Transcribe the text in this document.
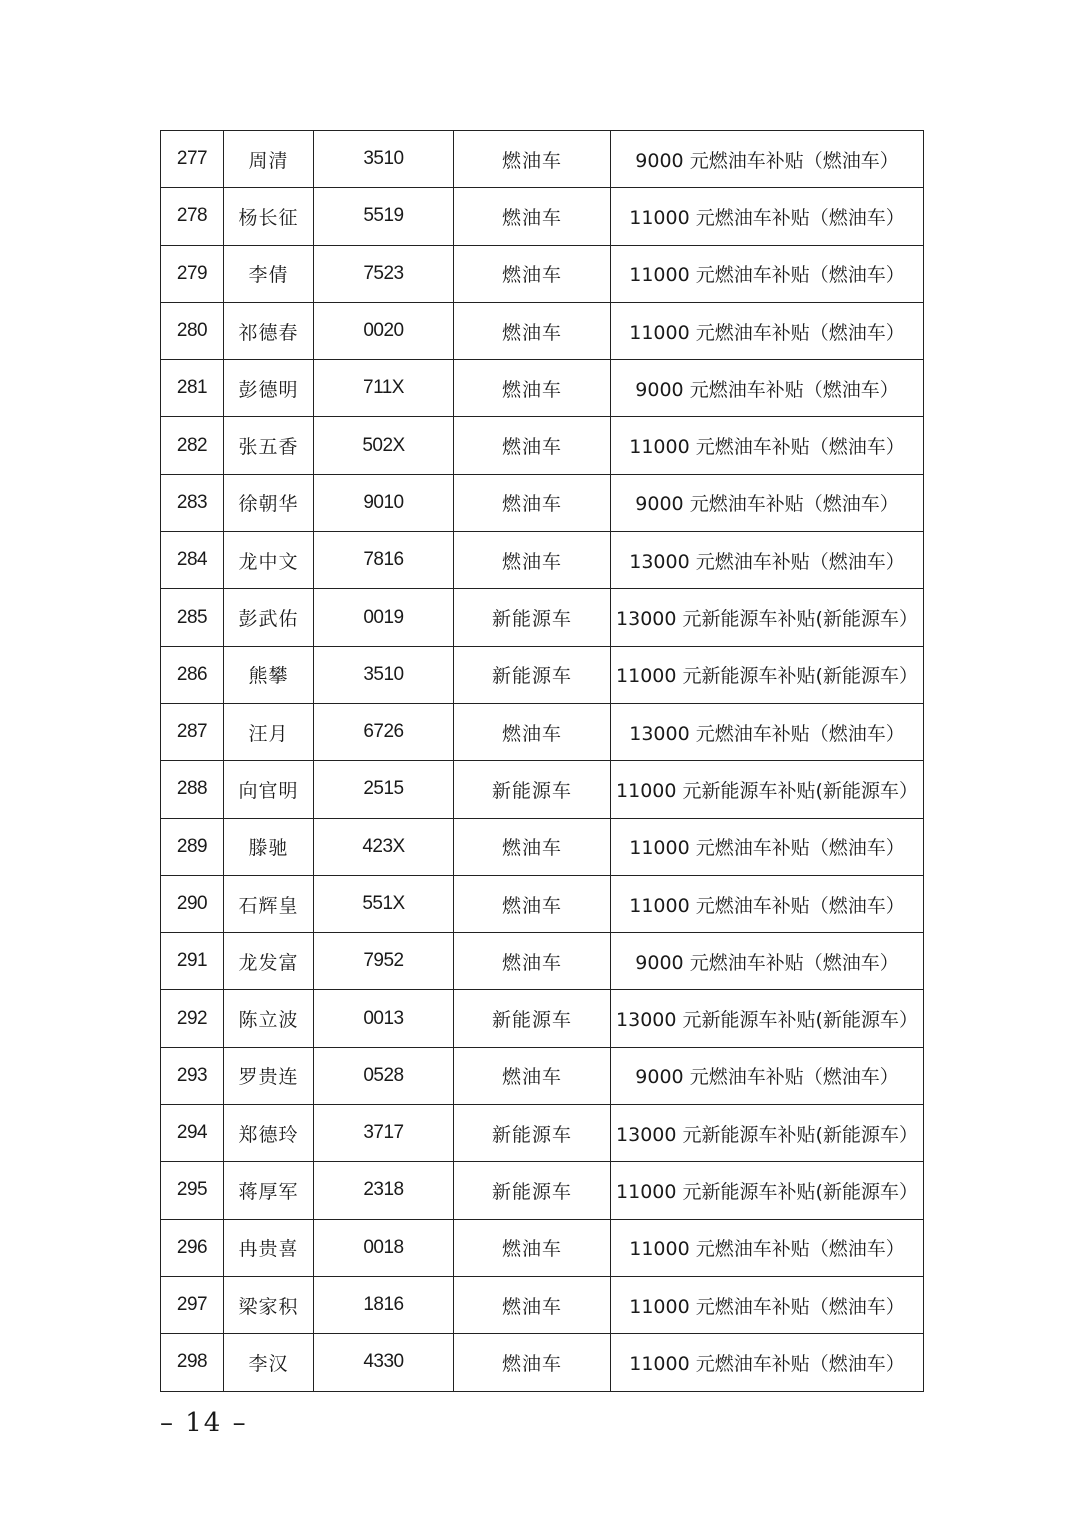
277	周清	3510	燃油车	9000 元燃油车补贴（燃油车）
278	杨长征	5519	燃油车	11000 元燃油车补贴（燃油车）
279	李倩	7523	燃油车	11000 元燃油车补贴（燃油车）
280	祁德春	0020	燃油车	11000 元燃油车补贴（燃油车）
281	彭德明	711X	燃油车	9000 元燃油车补贴（燃油车）
282	张五香	502X	燃油车	11000 元燃油车补贴（燃油车）
283	徐朝华	9010	燃油车	9000 元燃油车补贴（燃油车）
284	龙中文	7816	燃油车	13000 元燃油车补贴（燃油车）
285	彭武佑	0019	新能源车	13000 元新能源车补贴(新能源车）
286	熊攀	3510	新能源车	11000 元新能源车补贴(新能源车）
287	汪月	6726	燃油车	13000 元燃油车补贴（燃油车）
288	向官明	2515	新能源车	11000 元新能源车补贴(新能源车）
289	滕驰	423X	燃油车	11000 元燃油车补贴（燃油车）
290	石辉皇	551X	燃油车	11000 元燃油车补贴（燃油车）
291	龙发富	7952	燃油车	9000 元燃油车补贴（燃油车）
292	陈立波	0013	新能源车	13000 元新能源车补贴(新能源车）
293	罗贵连	0528	燃油车	9000 元燃油车补贴（燃油车）
294	郑德玲	3717	新能源车	13000 元新能源车补贴(新能源车）
295	蒋厚军	2318	新能源车	11000 元新能源车补贴(新能源车）
296	冉贵喜	0018	燃油车	11000 元燃油车补贴（燃油车）
297	梁家积	1816	燃油车	11000 元燃油车补贴（燃油车）
298	李汉	4330	燃油车	11000 元燃油车补贴（燃油车）
– 14 –
